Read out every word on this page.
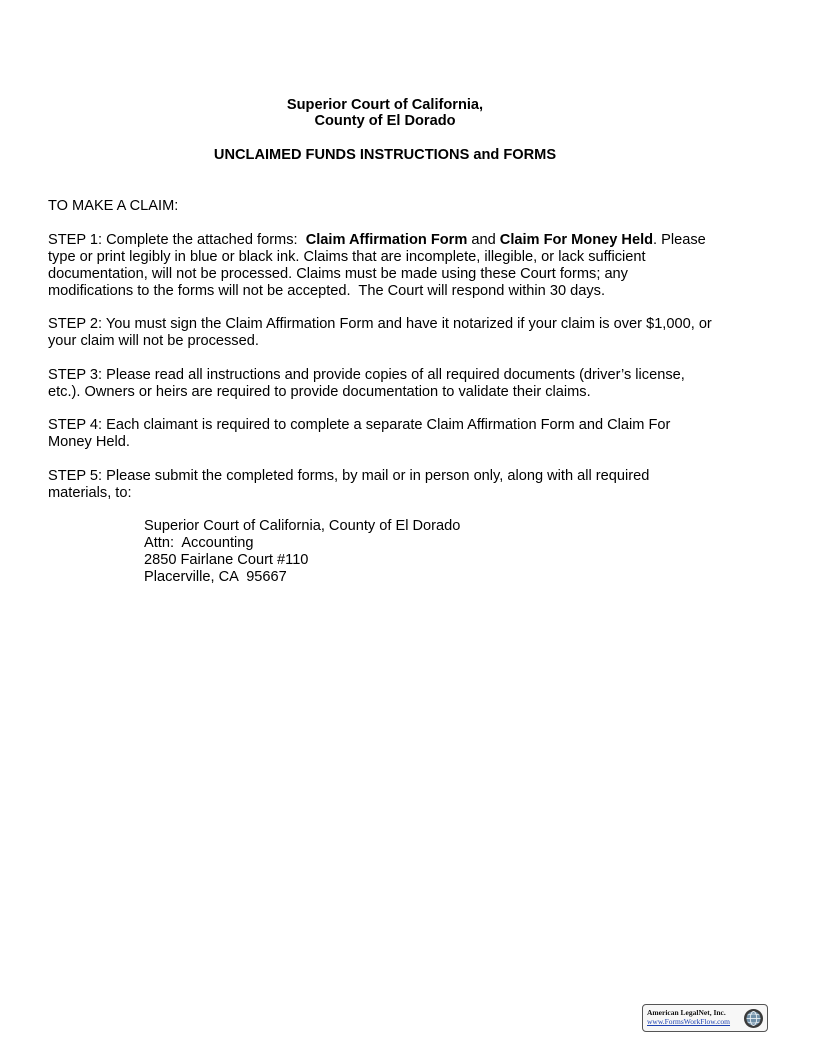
Superior Court of California,
County of El Dorado
UNCLAIMED FUNDS INSTRUCTIONS and FORMS
TO MAKE A CLAIM:
STEP 1: Complete the attached forms:  Claim Affirmation Form and Claim For Money Held. Please
type or print legibly in blue or black ink. Claims that are incomplete, illegible, or lack sufficient
documentation, will not be processed. Claims must be made using these Court forms; any
modifications to the forms will not be accepted.  The Court will respond within 30 days.
STEP 2: You must sign the Claim Affirmation Form and have it notarized if your claim is over $1,000, or
your claim will not be processed.
STEP 3: Please read all instructions and provide copies of all required documents (driver’s license,
etc.). Owners or heirs are required to provide documentation to validate their claims.
STEP 4: Each claimant is required to complete a separate Claim Affirmation Form and Claim For
Money Held.
STEP 5: Please submit the completed forms, by mail or in person only, along with all required
materials, to:
Superior Court of California, County of El Dorado
Attn:  Accounting
2850 Fairlane Court #110
Placerville, CA  95667
American LegalNet, Inc.
www.FormsWorkFlow.com
